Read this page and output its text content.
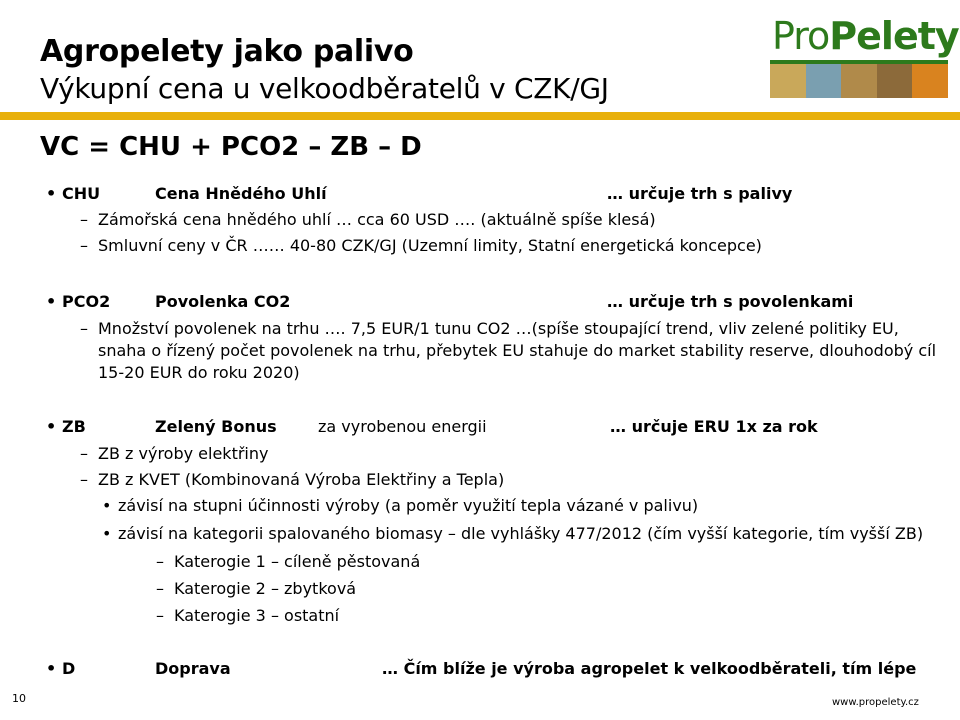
Agropelety jako palivo
Výkupní cena u velkoodběratelů v CZK/GJ
ProPelety
VC = CHU + PCO2 – ZB – D
• CHU	Cena Hnědého Uhlí	… určuje trh s palivy
– Zámořská cena hnědého uhlí … cca 60 USD …. (aktuálně spíše klesá)
– Smluvní ceny v ČR …… 40-80 CZK/GJ (Uzemní limity, Statní energetická koncepce)
• PCO2	Povolenka CO2	… určuje trh s povolenkami
– Množství povolenek na trhu …. 7,5 EUR/1 tunu CO2 …(spíše stoupající trend, vliv zelené politiky EU, snaha o řízený počet povolenek na trhu, přebytek EU stahuje do market stability reserve, dlouhodobý cíl 15-20 EUR do roku 2020)
• ZB	Zelený Bonus	za vyrobenou energii	… určuje ERU 1x za rok
– ZB z výroby elektřiny
– ZB z KVET (Kombinovaná Výroba Elektřiny a Tepla)
• závisí na stupni účinnosti výroby (a poměr využití tepla vázané v palivu)
• závisí na kategorii spalovaného biomasy – dle vyhlášky 477/2012 (čím vyšší kategorie, tím vyšší ZB)
– Katerogie 1 – cíleně pěstovaná
– Katerogie 2 – zbytková
– Katerogie 3 – ostatní
• D	Doprava	… Čím blíže je výroba agropelet k velkoodběrateli, tím lépe
10	www.propelety.cz
